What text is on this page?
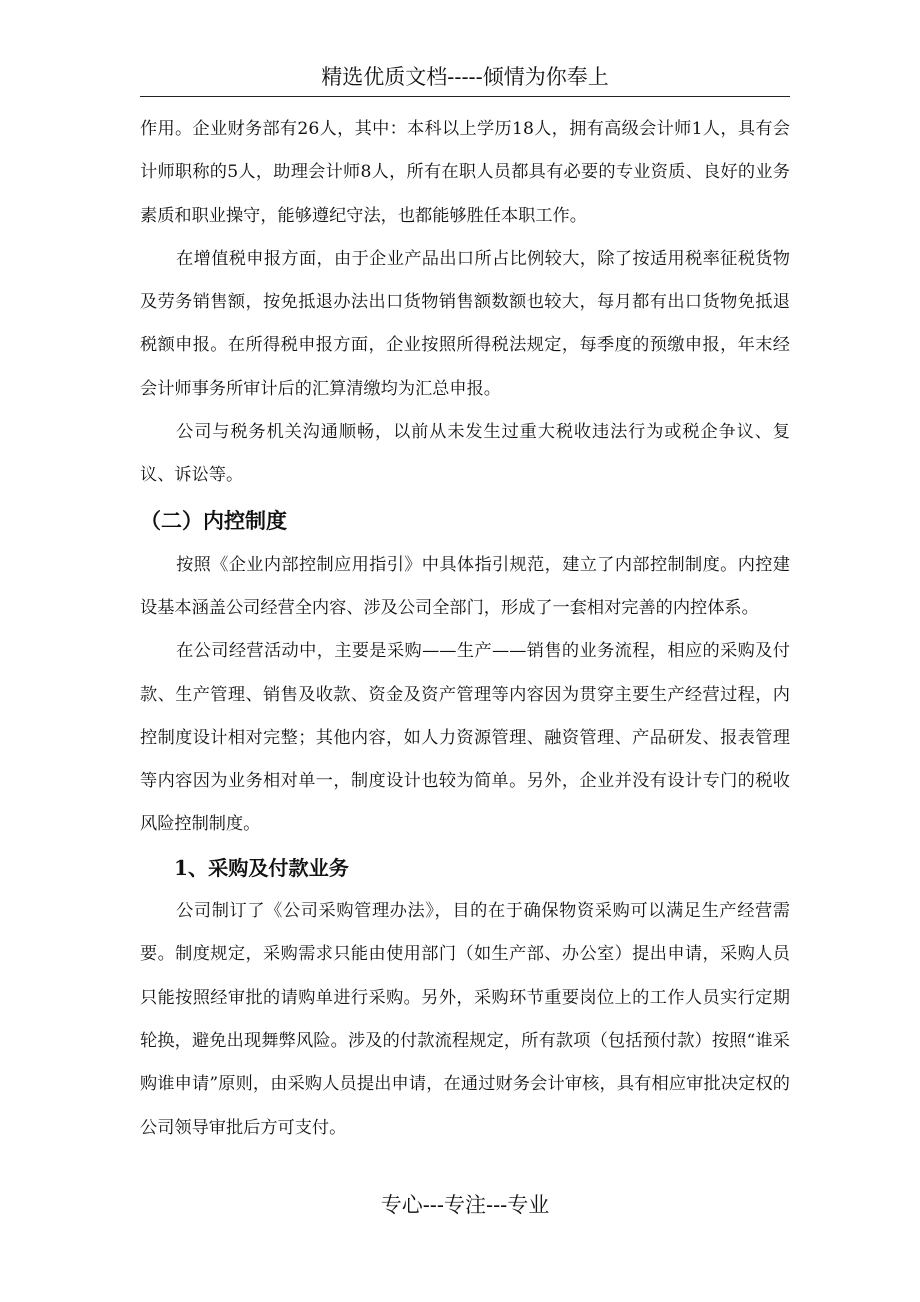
精选优质文档-----倾情为你奉上

作用。企业财务部有26人，其中：本科以上学历18人，拥有高级会计师1人，具有会计师职称的5人，助理会计师8人，所有在职人员都具有必要的专业资质、良好的业务素质和职业操守，能够遵纪守法，也都能够胜任本职工作。

在增值税申报方面，由于企业产品出口所占比例较大，除了按适用税率征税货物及劳务销售额，按免抵退办法出口货物销售额数额也较大，每月都有出口货物免抵退税额申报。在所得税申报方面，企业按照所得税法规定，每季度的预缴申报，年末经会计师事务所审计后的汇算清缴均为汇总申报。

公司与税务机关沟通顺畅，以前从未发生过重大税收违法行为或税企争议、复议、诉讼等。

（二）内控制度

按照《企业内部控制应用指引》中具体指引规范，建立了内部控制制度。内控建设基本涵盖公司经营全内容、涉及公司全部门，形成了一套相对完善的内控体系。

在公司经营活动中，主要是采购——生产——销售的业务流程，相应的采购及付款、生产管理、销售及收款、资金及资产管理等内容因为贯穿主要生产经营过程，内控制度设计相对完整；其他内容，如人力资源管理、融资管理、产品研发、报表管理等内容因为业务相对单一，制度设计也较为简单。另外，企业并没有设计专门的税收风险控制制度。

1、采购及付款业务

公司制订了《公司采购管理办法》，目的在于确保物资采购可以满足生产经营需要。制度规定，采购需求只能由使用部门（如生产部、办公室）提出申请，采购人员只能按照经审批的请购单进行采购。另外，采购环节重要岗位上的工作人员实行定期轮换，避免出现舞弊风险。涉及的付款流程规定，所有款项（包括预付款）按照“谁采购谁申请”原则，由采购人员提出申请，在通过财务会计审核，具有相应审批决定权的公司领导审批后方可支付。

专心---专注---专业
